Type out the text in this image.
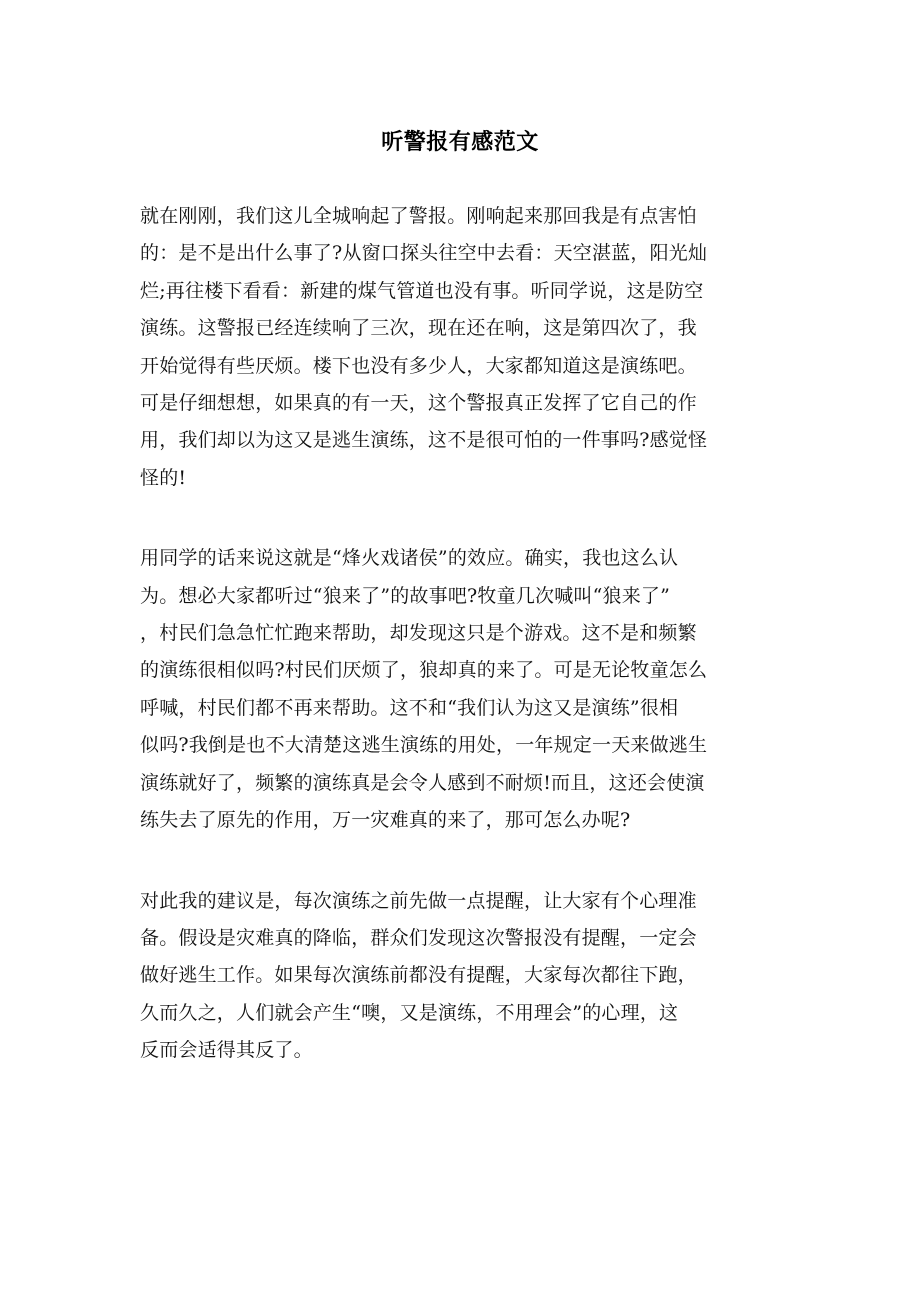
听警报有感范文

就在刚刚，我们这儿全城响起了警报。刚响起来那回我是有点害怕
的：是不是出什么事了?从窗口探头往空中去看：天空湛蓝，阳光灿
烂;再往楼下看看：新建的煤气管道也没有事。听同学说，这是防空
演练。这警报已经连续响了三次，现在还在响，这是第四次了，我
开始觉得有些厌烦。楼下也没有多少人，大家都知道这是演练吧。
可是仔细想想，如果真的有一天，这个警报真正发挥了它自己的作
用，我们却以为这又是逃生演练，这不是很可怕的一件事吗?感觉怪
怪的!

用同学的话来说这就是“烽火戏诸侯”的效应。确实，我也这么认
为。想必大家都听过“狼来了”的故事吧?牧童几次喊叫“狼来了”
，村民们急急忙忙跑来帮助，却发现这只是个游戏。这不是和频繁
的演练很相似吗?村民们厌烦了，狼却真的来了。可是无论牧童怎么
呼喊，村民们都不再来帮助。这不和“我们认为这又是演练”很相
似吗?我倒是也不大清楚这逃生演练的用处，一年规定一天来做逃生
演练就好了，频繁的演练真是会令人感到不耐烦!而且，这还会使演
练失去了原先的作用，万一灾难真的来了，那可怎么办呢?

对此我的建议是，每次演练之前先做一点提醒，让大家有个心理准
备。假设是灾难真的降临，群众们发现这次警报没有提醒，一定会
做好逃生工作。如果每次演练前都没有提醒，大家每次都往下跑，
久而久之，人们就会产生“噢，又是演练，不用理会”的心理，这
反而会适得其反了。
